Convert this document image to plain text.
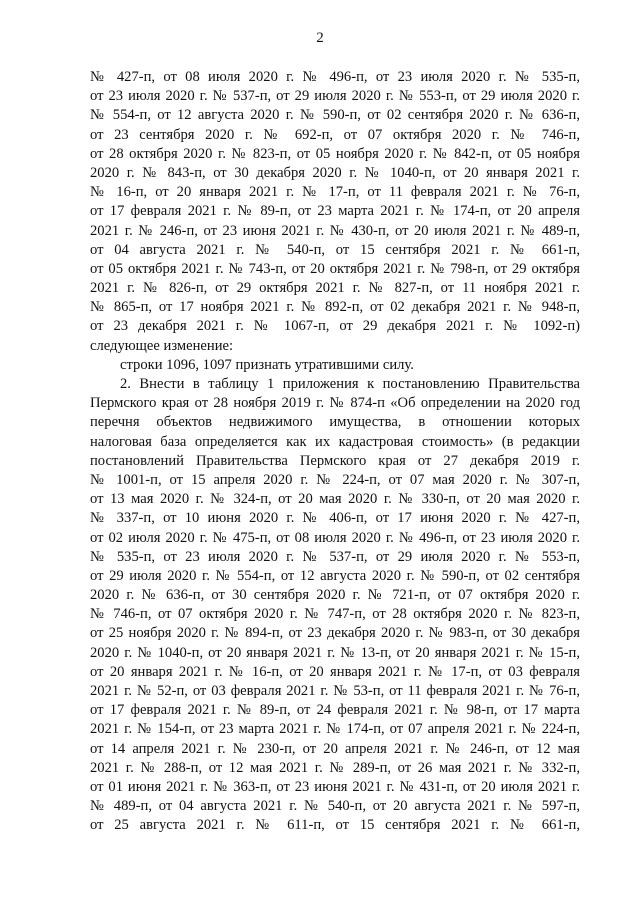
2
№ 427-п, от 08 июля 2020 г. № 496-п, от 23 июля 2020 г. № 535-п,
от 23 июля 2020 г. № 537-п, от 29 июля 2020 г. № 553-п, от 29 июля 2020 г.
№ 554-п, от 12 августа 2020 г. № 590-п, от 02 сентября 2020 г. № 636-п,
от 23 сентября 2020 г. № 692-п, от 07 октября 2020 г. № 746-п,
от 28 октября 2020 г. № 823-п, от 05 ноября 2020 г. № 842-п, от 05 ноября
2020 г. № 843-п, от 30 декабря 2020 г. № 1040-п, от 20 января 2021 г.
№ 16-п, от 20 января 2021 г. № 17-п, от 11 февраля 2021 г. № 76-п,
от 17 февраля 2021 г. № 89-п, от 23 марта 2021 г. № 174-п, от 20 апреля
2021 г. № 246-п, от 23 июня 2021 г. № 430-п, от 20 июля 2021 г. № 489-п,
от 04 августа 2021 г. № 540-п, от 15 сентября 2021 г. № 661-п,
от 05 октября 2021 г. № 743-п, от 20 октября 2021 г. № 798-п, от 29 октября
2021 г. № 826-п, от 29 октября 2021 г. № 827-п, от 11 ноября 2021 г.
№ 865-п, от 17 ноября 2021 г. № 892-п, от 02 декабря 2021 г. № 948-п,
от 23 декабря 2021 г. № 1067-п, от 29 декабря 2021 г. № 1092-п)
следующее изменение:
строки 1096, 1097 признать утратившими силу.
2. Внести в таблицу 1 приложения к постановлению Правительства
Пермского края от 28 ноября 2019 г. № 874-п «Об определении на 2020 год
перечня объектов недвижимого имущества, в отношении которых
налоговая база определяется как их кадастровая стоимость» (в редакции
постановлений Правительства Пермского края от 27 декабря 2019 г.
№ 1001-п, от 15 апреля 2020 г. № 224-п, от 07 мая 2020 г. № 307-п,
от 13 мая 2020 г. № 324-п, от 20 мая 2020 г. № 330-п, от 20 мая 2020 г.
№ 337-п, от 10 июня 2020 г. № 406-п, от 17 июня 2020 г. № 427-п,
от 02 июля 2020 г. № 475-п, от 08 июля 2020 г. № 496-п, от 23 июля 2020 г.
№ 535-п, от 23 июля 2020 г. № 537-п, от 29 июля 2020 г. № 553-п,
от 29 июля 2020 г. № 554-п, от 12 августа 2020 г. № 590-п, от 02 сентября
2020 г. № 636-п, от 30 сентября 2020 г. № 721-п, от 07 октября 2020 г.
№ 746-п, от 07 октября 2020 г. № 747-п, от 28 октября 2020 г. № 823-п,
от 25 ноября 2020 г. № 894-п, от 23 декабря 2020 г. № 983-п, от 30 декабря
2020 г. № 1040-п, от 20 января 2021 г. № 13-п, от 20 января 2021 г. № 15-п,
от 20 января 2021 г. № 16-п, от 20 января 2021 г. № 17-п, от 03 февраля
2021 г. № 52-п, от 03 февраля 2021 г. № 53-п, от 11 февраля 2021 г. № 76-п,
от 17 февраля 2021 г. № 89-п, от 24 февраля 2021 г. № 98-п, от 17 марта
2021 г. № 154-п, от 23 марта 2021 г. № 174-п, от 07 апреля 2021 г. № 224-п,
от 14 апреля 2021 г. № 230-п, от 20 апреля 2021 г. № 246-п, от 12 мая
2021 г. № 288-п, от 12 мая 2021 г. № 289-п, от 26 мая 2021 г. № 332-п,
от 01 июня 2021 г. № 363-п, от 23 июня 2021 г. № 431-п, от 20 июля 2021 г.
№ 489-п, от 04 августа 2021 г. № 540-п, от 20 августа 2021 г. № 597-п,
от 25 августа 2021 г. № 611-п, от 15 сентября 2021 г. № 661-п,
